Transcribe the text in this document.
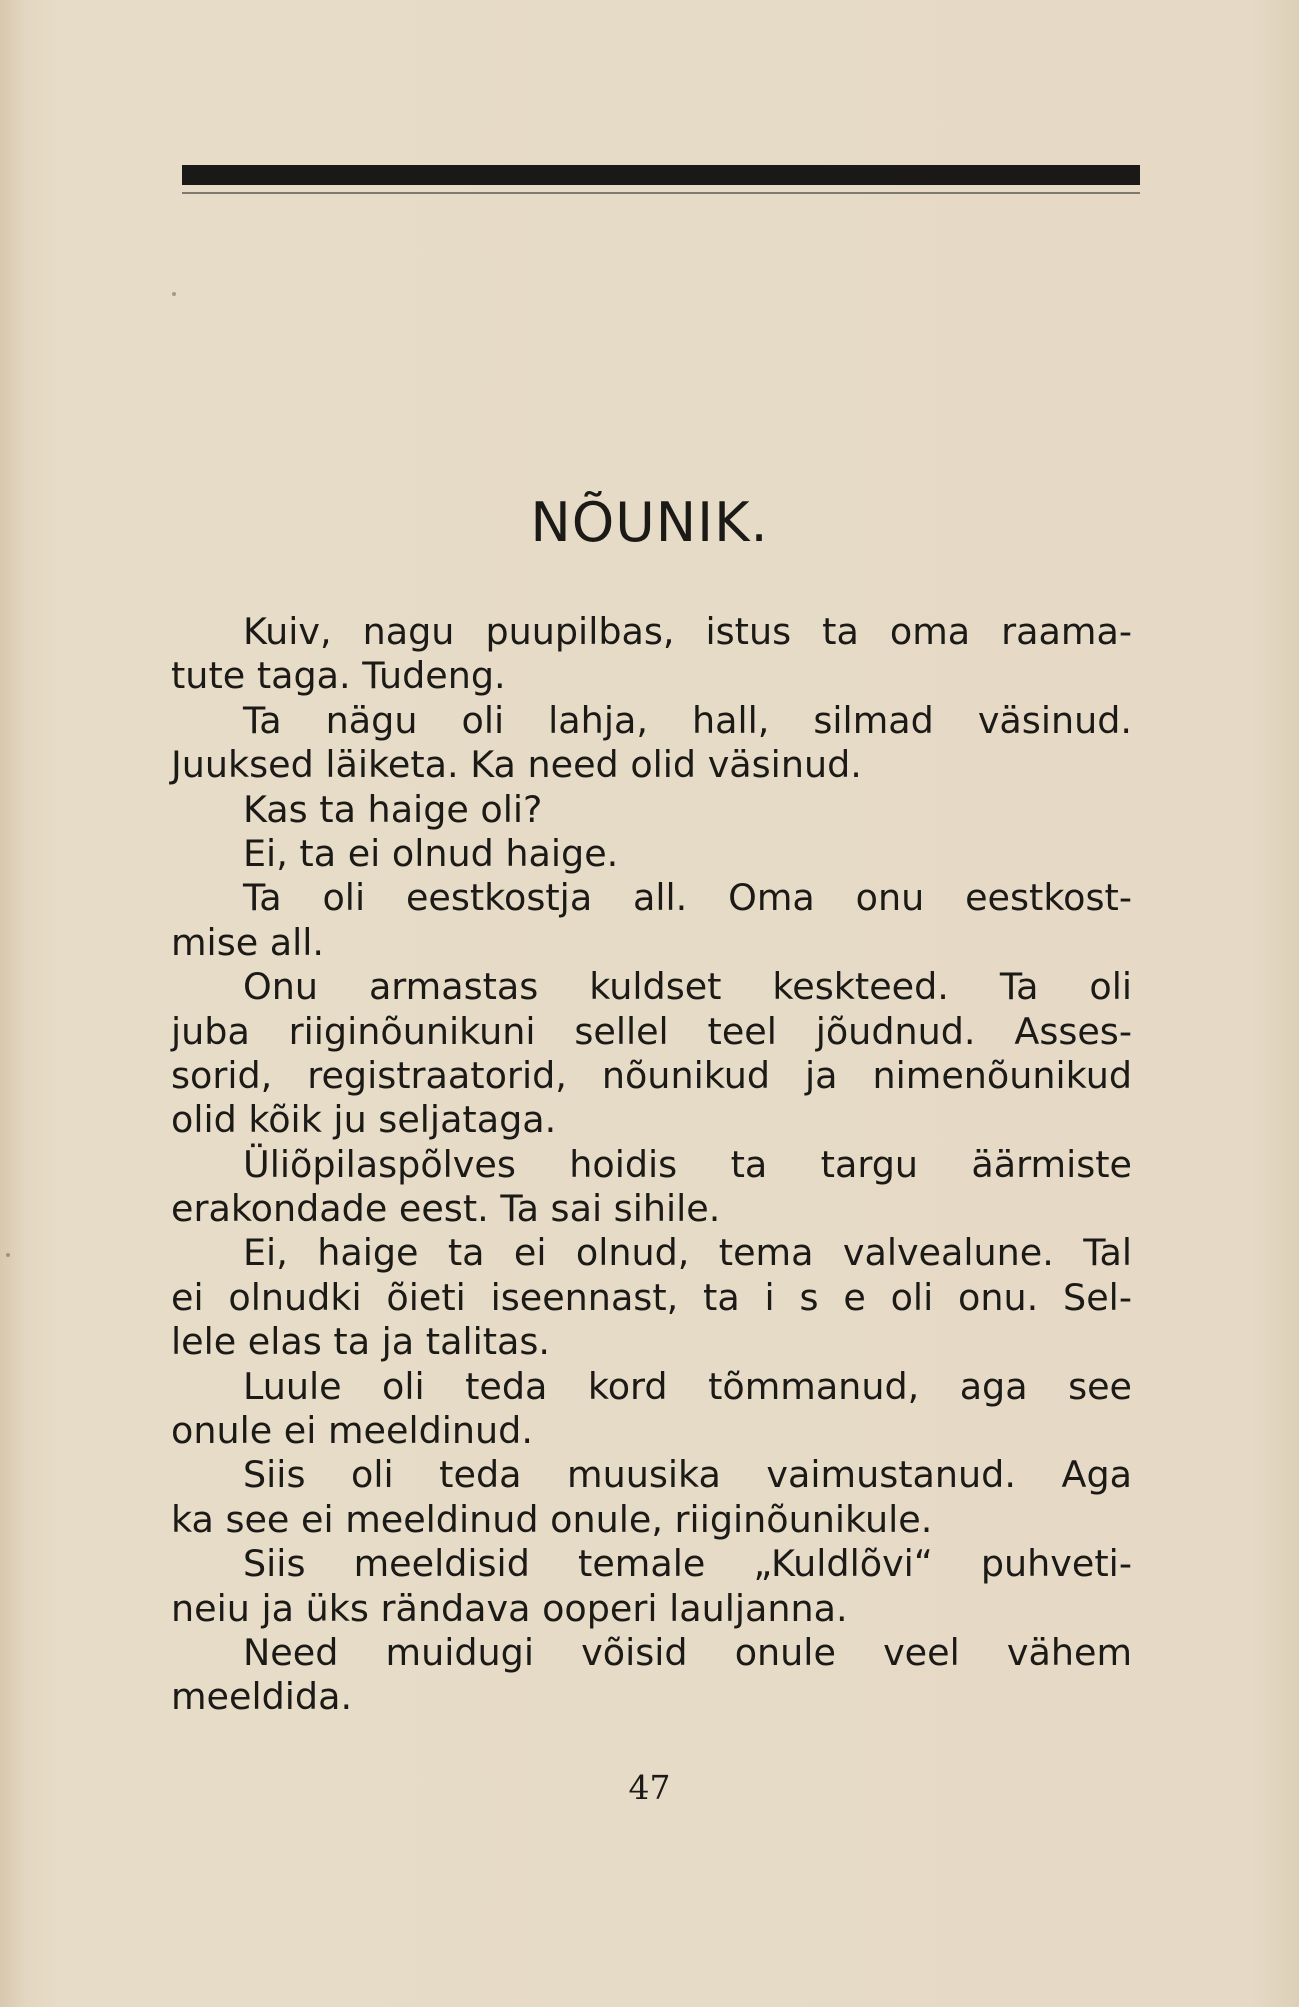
NÕUNIK.
Kuiv, nagu puupilbas, istus ta oma raama-
tute taga. Tudeng.
Ta nägu oli lahja, hall, silmad väsinud.
Juuksed läiketa. Ka need olid väsinud.
Kas ta haige oli?
Ei, ta ei olnud haige.
Ta oli eestkostja all. Oma onu eestkost-
mise all.
Onu armastas kuldset keskteed. Ta oli
juba riiginõunikuni sellel teel jõudnud. Asses-
sorid, registraatorid, nõunikud ja nimenõunikud
olid kõik ju seljataga.
Üliõpilaspõlves hoidis ta targu äärmiste
erakondade eest. Ta sai sihile.
Ei, haige ta ei olnud, tema valvealune. Tal
ei olnudki õieti iseennast, ta i s e oli onu. Sel-
lele elas ta ja talitas.
Luule oli teda kord tõmmanud, aga see
onule ei meeldinud.
Siis oli teda muusika vaimustanud. Aga
ka see ei meeldinud onule, riiginõunikule.
Siis meeldisid temale „Kuldlõvi“ puhveti-
neiu ja üks rändava ooperi lauljanna.
Need muidugi võisid onule veel vähem
meeldida.
47
